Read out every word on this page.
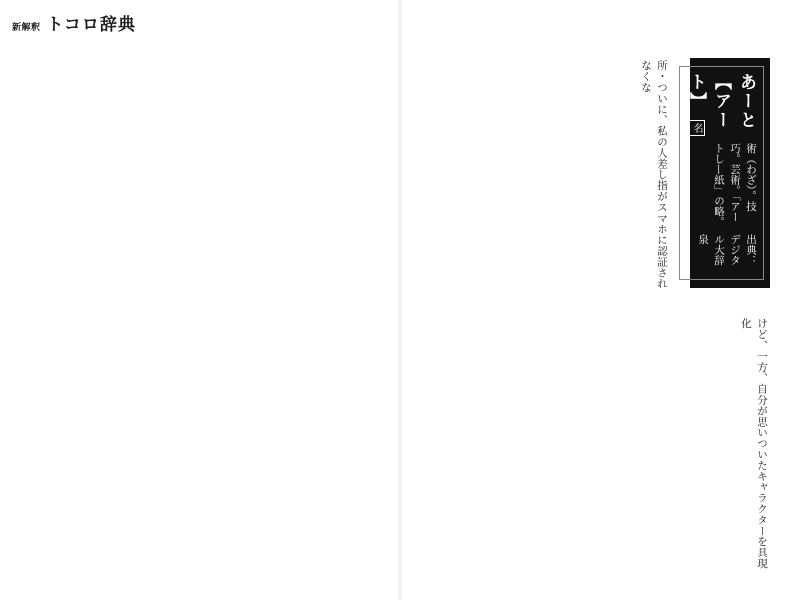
新解釈 トコロ辞典

所・ついに、私の人差し指がスマホに認証されなくな

けど、一方、自分が思いついたキャラクターを具現化

あーと【アート】 名
術（わざ）。技巧。芸術。「アートし—紙」の略。
出典：デジタル大辞泉
